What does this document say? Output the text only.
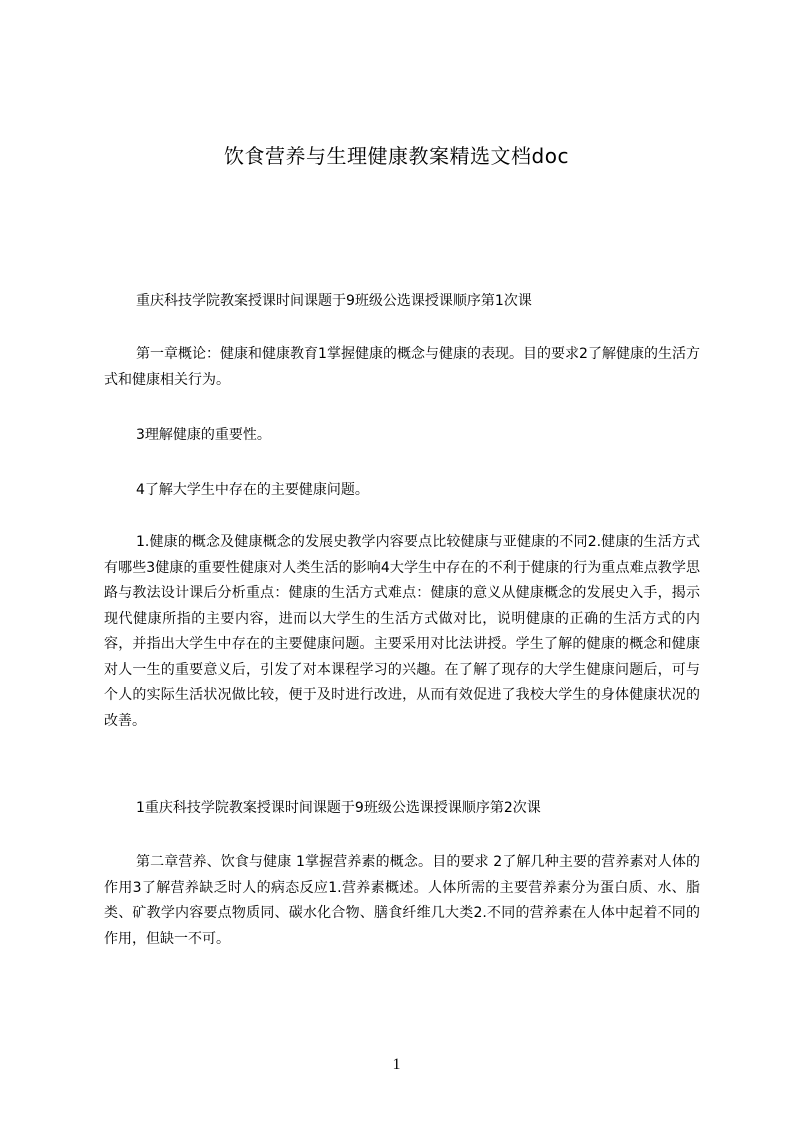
饮食营养与生理健康教案精选文档doc

重庆科技学院教案授课时间课题于9班级公选课授课顺序第1次课

第一章概论：健康和健康教育1掌握健康的概念与健康的表现。目的要求2了解健康的生活方式和健康相关行为。

3理解健康的重要性。

4了解大学生中存在的主要健康问题。

1.健康的概念及健康概念的发展史教学内容要点比较健康与亚健康的不同2.健康的生活方式有哪些3健康的重要性健康对人类生活的影响4大学生中存在的不利于健康的行为重点难点教学思路与教法设计课后分析重点：健康的生活方式难点：健康的意义从健康概念的发展史入手，揭示现代健康所指的主要内容，进而以大学生的生活方式做对比，说明健康的正确的生活方式的内容，并指出大学生中存在的主要健康问题。主要采用对比法讲授。学生了解的健康的概念和健康对人一生的重要意义后，引发了对本课程学习的兴趣。在了解了现存的大学生健康问题后，可与个人的实际生活状况做比较，便于及时进行改进，从而有效促进了我校大学生的身体健康状况的改善。

1重庆科技学院教案授课时间课题于9班级公选课授课顺序第2次课

第二章营养、饮食与健康 1掌握营养素的概念。目的要求 2了解几种主要的营养素对人体的作用3了解营养缺乏时人的病态反应1.营养素概述。人体所需的主要营养素分为蛋白质、水、脂类、矿教学内容要点物质同、碳水化合物、膳食纤维几大类2.不同的营养素在人体中起着不同的作用，但缺一不可。

1
